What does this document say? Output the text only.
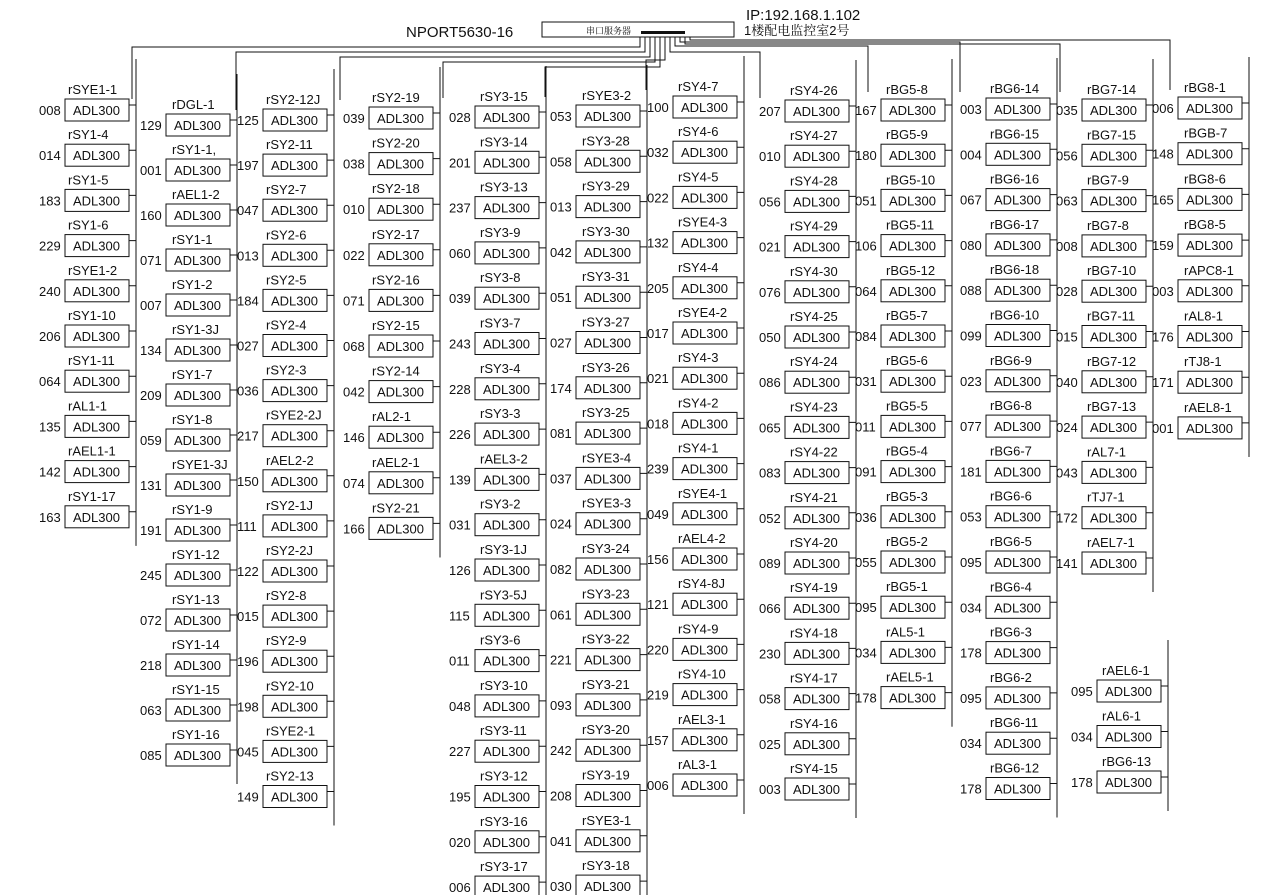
NPORT5630-16
IP:192.168.1.102
串口服务器	1楼配电监控室2号
rSYE1-1
008 ADL300
rSY1-4
014 ADL300
rSY1-5
183 ADL300
rSY1-6
229 ADL300
rSYE1-2
240 ADL300
rSY1-10
206 ADL300
rSY1-11
064 ADL300
rAL1-1
135 ADL300
rAEL1-1
142 ADL300
rSY1-17
163 ADL300
rDGL-1
129 ADL300
rSY1-1,
001 ADL300
rAEL1-2
160 ADL300
rSY1-1
071 ADL300
rSY1-2
007 ADL300
rSY1-3J
134 ADL300
rSY1-7
209 ADL300
rSY1-8
059 ADL300
rSYE1-3J
131 ADL300
rSY1-9
191 ADL300
rSY1-12
245 ADL300
rSY1-13
072 ADL300
rSY1-14
218 ADL300
rSY1-15
063 ADL300
rSY1-16
085 ADL300
rSY2-12J
125 ADL300
rSY2-11
197 ADL300
rSY2-7
047 ADL300
rSY2-6
013 ADL300
rSY2-5
184 ADL300
rSY2-4
027 ADL300
rSY2-3
036 ADL300
rSYE2-2J
217 ADL300
rAEL2-2
150 ADL300
rSY2-1J
111 ADL300
rSY2-2J
122 ADL300
rSY2-8
015 ADL300
rSY2-9
196 ADL300
rSY2-10
198 ADL300
rSYE2-1
045 ADL300
rSY2-13
149 ADL300
rSY2-19
039 ADL300
rSY2-20
038 ADL300
rSY2-18
010 ADL300
rSY2-17
022 ADL300
rSY2-16
071 ADL300
rSY2-15
068 ADL300
rSY2-14
042 ADL300
rAL2-1
146 ADL300
rAEL2-1
074 ADL300
rSY2-21
166 ADL300
rSY3-15
028 ADL300
rSY3-14
201 ADL300
rSY3-13
237 ADL300
rSY3-9
060 ADL300
rSY3-8
039 ADL300
rSY3-7
243 ADL300
rSY3-4
228 ADL300
rSY3-3
226 ADL300
rAEL3-2
139 ADL300
rSY3-2
031 ADL300
rSY3-1J
126 ADL300
rSY3-5J
115 ADL300
rSY3-6
011 ADL300
rSY3-10
048 ADL300
rSY3-11
227 ADL300
rSY3-12
195 ADL300
rSY3-16
020 ADL300
rSY3-17
006 ADL300
rSYE3-2
053 ADL300
rSY3-28
058 ADL300
rSY3-29
013 ADL300
rSY3-30
042 ADL300
rSY3-31
051 ADL300
rSY3-27
027 ADL300
rSY3-26
174 ADL300
rSY3-25
081 ADL300
rSYE3-4
037 ADL300
rSYE3-3
024 ADL300
rSY3-24
082 ADL300
rSY3-23
061 ADL300
rSY3-22
221 ADL300
rSY3-21
093 ADL300
rSY3-20
242 ADL300
rSY3-19
208 ADL300
rSYE3-1
041 ADL300
rSY3-18
030 ADL300
rSY4-7
100 ADL300
rSY4-6
032 ADL300
rSY4-5
022 ADL300
rSYE4-3
132 ADL300
rSY4-4
205 ADL300
rSYE4-2
017 ADL300
rSY4-3
021 ADL300
rSY4-2
018 ADL300
rSY4-1
239 ADL300
rSYE4-1
049 ADL300
rAEL4-2
156 ADL300
rSY4-8J
121 ADL300
rSY4-9
220 ADL300
rSY4-10
219 ADL300
rAEL3-1
157 ADL300
rAL3-1
006 ADL300
rSY4-26
207 ADL300
rSY4-27
010 ADL300
rSY4-28
056 ADL300
rSY4-29
021 ADL300
rSY4-30
076 ADL300
rSY4-25
050 ADL300
rSY4-24
086 ADL300
rSY4-23
065 ADL300
rSY4-22
083 ADL300
rSY4-21
052 ADL300
rSY4-20
089 ADL300
rSY4-19
066 ADL300
rSY4-18
230 ADL300
rSY4-17
058 ADL300
rSY4-16
025 ADL300
rSY4-15
003 ADL300
rBG5-8
167 ADL300
rBG5-9
180 ADL300
rBG5-10
051 ADL300
rBG5-11
106 ADL300
rBG5-12
064 ADL300
rBG5-7
084 ADL300
rBG5-6
031 ADL300
rBG5-5
011 ADL300
rBG5-4
091 ADL300
rBG5-3
036 ADL300
rBG5-2
055 ADL300
rBG5-1
095 ADL300
rAL5-1
034 ADL300
rAEL5-1
178 ADL300
rBG6-14
003 ADL300
rBG6-15
004 ADL300
rBG6-16
067 ADL300
rBG6-17
080 ADL300
rBG6-18
088 ADL300
rBG6-10
099 ADL300
rBG6-9
023 ADL300
rBG6-8
077 ADL300
rBG6-7
181 ADL300
rBG6-6
053 ADL300
rBG6-5
095 ADL300
rBG6-4
034 ADL300
rBG6-3
178 ADL300
rBG6-2
095 ADL300
rBG6-11
034 ADL300
rBG6-12
178 ADL300
rBG7-14
035 ADL300
rBG7-15
056 ADL300
rBG7-9
063 ADL300
rBG7-8
008 ADL300
rBG7-10
028 ADL300
rBG7-11
015 ADL300
rBG7-12
040 ADL300
rBG7-13
024 ADL300
rAL7-1
043 ADL300
rTJ7-1
172 ADL300
rAEL7-1
141 ADL300
rAEL6-1
095 ADL300
rAL6-1
034 ADL300
rBG6-13
178 ADL300
rBG8-1
006 ADL300
rBGB-7
148 ADL300
rBG8-6
165 ADL300
rBG8-5
159 ADL300
rAPC8-1
003 ADL300
rAL8-1
176 ADL300
rTJ8-1
171 ADL300
rAEL8-1
001 ADL300
